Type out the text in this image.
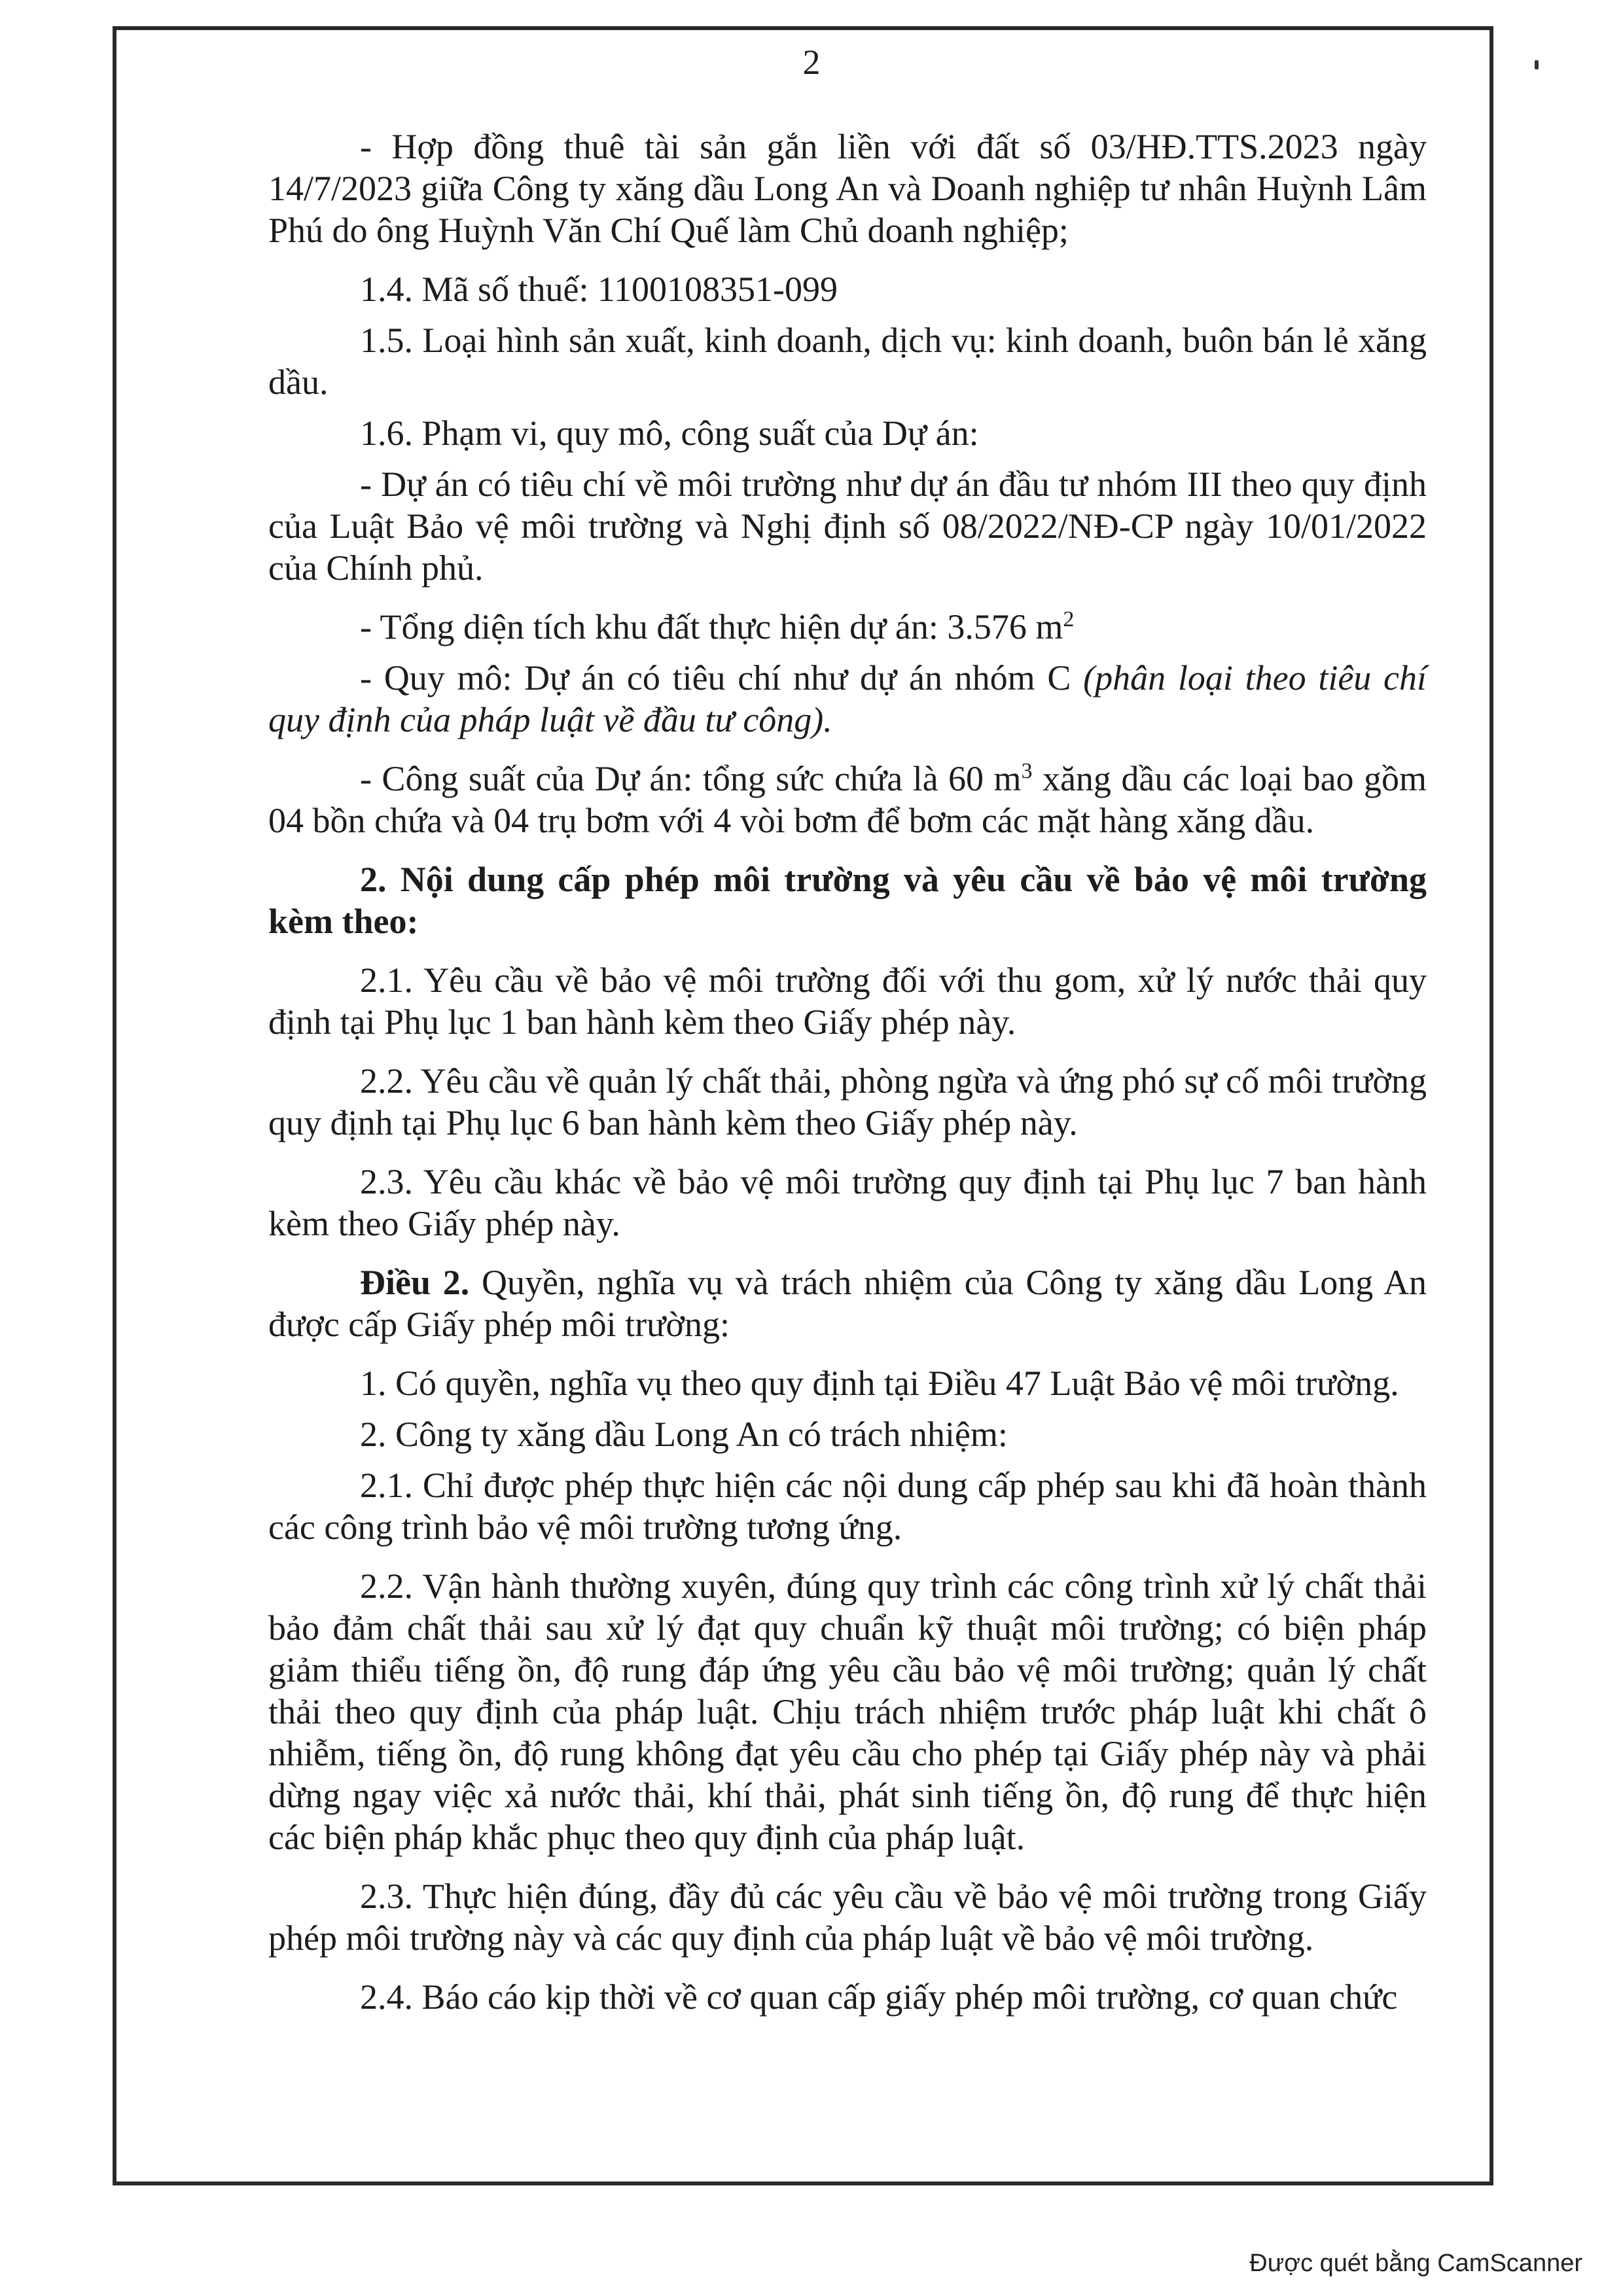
2

- Hợp đồng thuê tài sản gắn liền với đất số 03/HĐ.TTS.2023 ngày 14/7/2023 giữa Công ty xăng dầu Long An và Doanh nghiệp tư nhân Huỳnh Lâm Phú do ông Huỳnh Văn Chí Quế làm Chủ doanh nghiệp;

1.4. Mã số thuế: 1100108351-099

1.5. Loại hình sản xuất, kinh doanh, dịch vụ: kinh doanh, buôn bán lẻ xăng dầu.

1.6. Phạm vi, quy mô, công suất của Dự án:

- Dự án có tiêu chí về môi trường như dự án đầu tư nhóm III theo quy định của Luật Bảo vệ môi trường và Nghị định số 08/2022/NĐ-CP ngày 10/01/2022 của Chính phủ.

- Tổng diện tích khu đất thực hiện dự án: 3.576 $m^2$

- Quy mô: Dự án có tiêu chí như dự án nhóm C (phân loại theo tiêu chí quy định của pháp luật về đầu tư công).

- Công suất của Dự án: tổng sức chứa là 60 $m^3$ xăng dầu các loại bao gồm 04 bồn chứa và 04 trụ bơm với 4 vòi bơm để bơm các mặt hàng xăng dầu.

2. Nội dung cấp phép môi trường và yêu cầu về bảo vệ môi trường kèm theo:

2.1. Yêu cầu về bảo vệ môi trường đối với thu gom, xử lý nước thải quy định tại Phụ lục 1 ban hành kèm theo Giấy phép này.

2.2. Yêu cầu về quản lý chất thải, phòng ngừa và ứng phó sự cố môi trường quy định tại Phụ lục 6 ban hành kèm theo Giấy phép này.

2.3. Yêu cầu khác về bảo vệ môi trường quy định tại Phụ lục 7 ban hành kèm theo Giấy phép này.

Điều 2. Quyền, nghĩa vụ và trách nhiệm của Công ty xăng dầu Long An được cấp Giấy phép môi trường:

1. Có quyền, nghĩa vụ theo quy định tại Điều 47 Luật Bảo vệ môi trường.

2. Công ty xăng dầu Long An có trách nhiệm:

2.1. Chỉ được phép thực hiện các nội dung cấp phép sau khi đã hoàn thành các công trình bảo vệ môi trường tương ứng.

2.2. Vận hành thường xuyên, đúng quy trình các công trình xử lý chất thải bảo đảm chất thải sau xử lý đạt quy chuẩn kỹ thuật môi trường; có biện pháp giảm thiểu tiếng ồn, độ rung đáp ứng yêu cầu bảo vệ môi trường; quản lý chất thải theo quy định của pháp luật. Chịu trách nhiệm trước pháp luật khi chất ô nhiễm, tiếng ồn, độ rung không đạt yêu cầu cho phép tại Giấy phép này và phải dừng ngay việc xả nước thải, khí thải, phát sinh tiếng ồn, độ rung để thực hiện các biện pháp khắc phục theo quy định của pháp luật.

2.3. Thực hiện đúng, đầy đủ các yêu cầu về bảo vệ môi trường trong Giấy phép môi trường này và các quy định của pháp luật về bảo vệ môi trường.

2.4. Báo cáo kịp thời về cơ quan cấp giấy phép môi trường, cơ quan chức

Được quét bằng CamScanner
